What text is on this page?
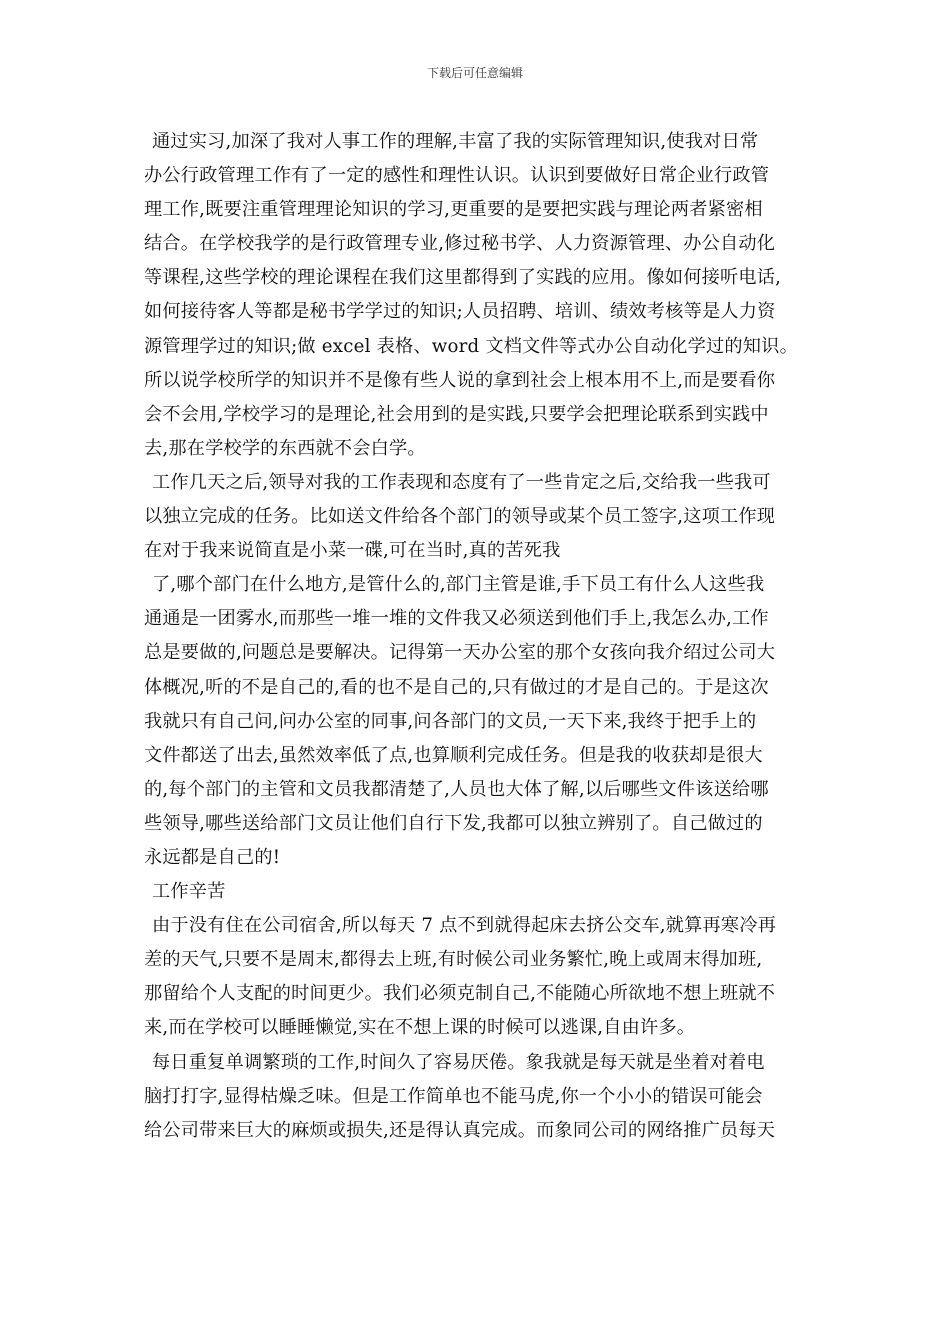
下载后可任意编辑
通过实习,加深了我对人事工作的理解,丰富了我的实际管理知识,使我对日常
办公行政管理工作有了一定的感性和理性认识。认识到要做好日常企业行政管
理工作,既要注重管理理论知识的学习,更重要的是要把实践与理论两者紧密相
结合。在学校我学的是行政管理专业,修过秘书学、人力资源管理、办公自动化
等课程,这些学校的理论课程在我们这里都得到了实践的应用。像如何接听电话,
如何接待客人等都是秘书学学过的知识;人员招聘、培训、绩效考核等是人力资
源管理学过的知识;做 excel 表格、word 文档文件等式办公自动化学过的知识。
所以说学校所学的知识并不是像有些人说的拿到社会上根本用不上,而是要看你
会不会用,学校学习的是理论,社会用到的是实践,只要学会把理论联系到实践中
去,那在学校学的东西就不会白学。
工作几天之后,领导对我的工作表现和态度有了一些肯定之后,交给我一些我可
以独立完成的任务。比如送文件给各个部门的领导或某个员工签字,这项工作现
在对于我来说简直是小菜一碟,可在当时,真的苦死我
了,哪个部门在什么地方,是管什么的,部门主管是谁,手下员工有什么人这些我
通通是一团雾水,而那些一堆一堆的文件我又必须送到他们手上,我怎么办,工作
总是要做的,问题总是要解决。记得第一天办公室的那个女孩向我介绍过公司大
体概况,听的不是自己的,看的也不是自己的,只有做过的才是自己的。于是这次
我就只有自己问,问办公室的同事,问各部门的文员,一天下来,我终于把手上的
文件都送了出去,虽然效率低了点,也算顺利完成任务。但是我的收获却是很大
的,每个部门的主管和文员我都清楚了,人员也大体了解,以后哪些文件该送给哪
些领导,哪些送给部门文员让他们自行下发,我都可以独立辨别了。自己做过的
永远都是自己的!
工作辛苦
由于没有住在公司宿舍,所以每天 7 点不到就得起床去挤公交车,就算再寒冷再
差的天气,只要不是周末,都得去上班,有时候公司业务繁忙,晚上或周末得加班,
那留给个人支配的时间更少。我们必须克制自己,不能随心所欲地不想上班就不
来,而在学校可以睡睡懒觉,实在不想上课的时候可以逃课,自由许多。
每日重复单调繁琐的工作,时间久了容易厌倦。象我就是每天就是坐着对着电
脑打打字,显得枯燥乏味。但是工作简单也不能马虎,你一个小小的错误可能会
给公司带来巨大的麻烦或损失,还是得认真完成。而象同公司的网络推广员每天
